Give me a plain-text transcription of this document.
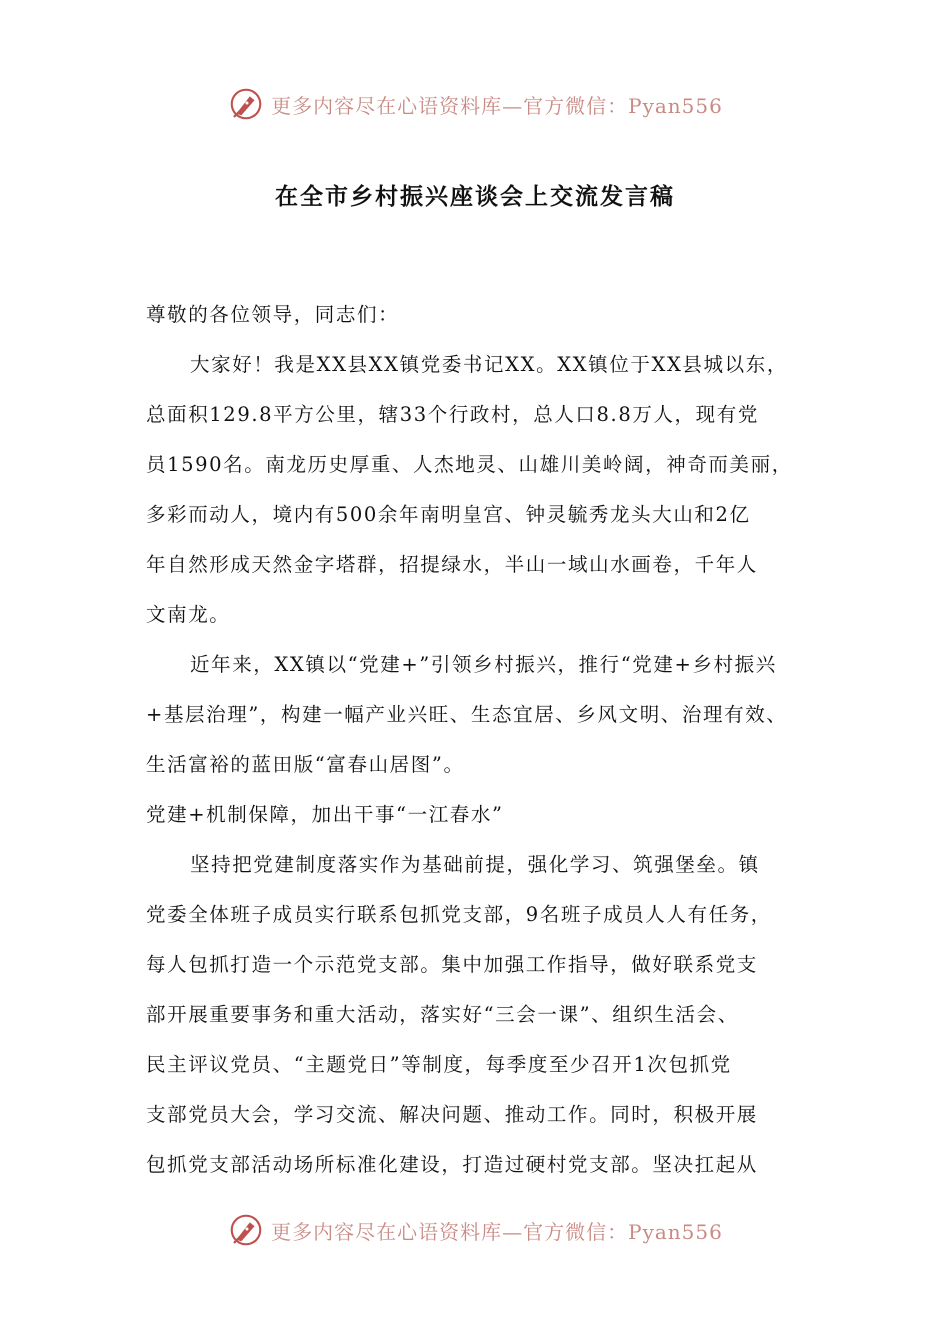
更多内容尽在心语资料库—官方微信：Pyan556
在全市乡村振兴座谈会上交流发言稿
尊敬的各位领导，同志们：
大家好！我是XX县XX镇党委书记XX。XX镇位于XX县城以东，
总面积129.8平方公里，辖33个行政村，总人口8.8万人，现有党
员1590名。南龙历史厚重、人杰地灵、山雄川美岭阔，神奇而美丽，
多彩而动人，境内有500余年南明皇宫、钟灵毓秀龙头大山和2亿
年自然形成天然金字塔群，招提绿水，半山一域山水画卷，千年人
文南龙。
近年来，XX镇以“党建+”引领乡村振兴，推行“党建+乡村振兴
+基层治理”，构建一幅产业兴旺、生态宜居、乡风文明、治理有效、
生活富裕的蓝田版“富春山居图”。
党建+机制保障，加出干事“一江春水”
坚持把党建制度落实作为基础前提，强化学习、筑强堡垒。镇
党委全体班子成员实行联系包抓党支部，9名班子成员人人有任务，
每人包抓打造一个示范党支部。集中加强工作指导，做好联系党支
部开展重要事务和重大活动，落实好“三会一课”、组织生活会、
民主评议党员、“主题党日”等制度，每季度至少召开1次包抓党
支部党员大会，学习交流、解决问题、推动工作。同时，积极开展
包抓党支部活动场所标准化建设，打造过硬村党支部。坚决扛起从
更多内容尽在心语资料库—官方微信：Pyan556
